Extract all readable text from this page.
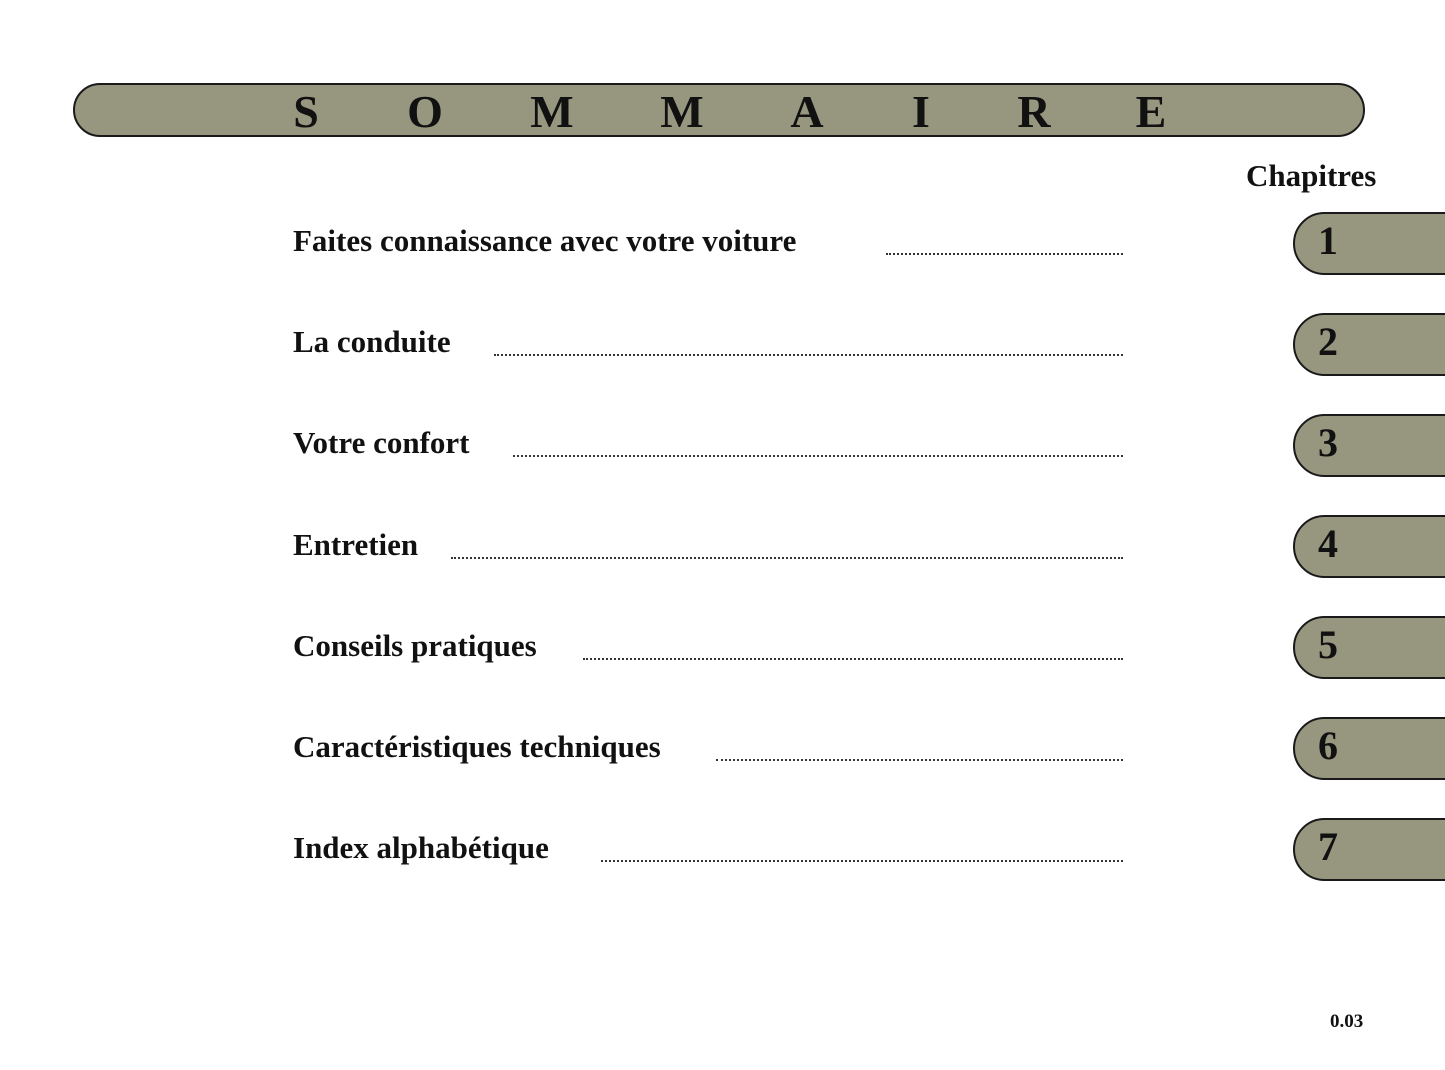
S O M M A I R E
Chapitres
Faites connaissance avec votre voiture	1
La conduite	2
Votre confort	3
Entretien	4
Conseils pratiques	5
Caractéristiques techniques	6
Index alphabétique	7
0.03
